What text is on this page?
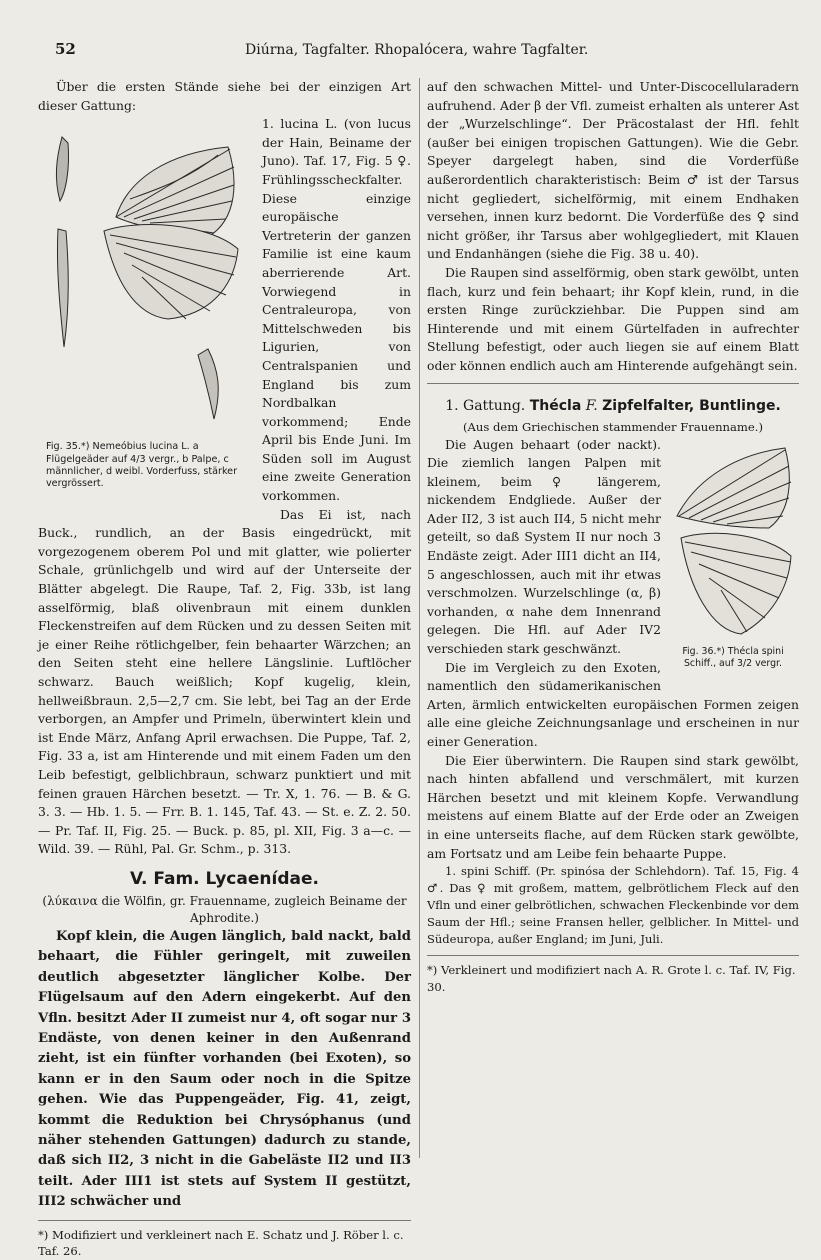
52	Diúrna, Tagfalter. Rhopalócera, wahre Tagfalter.

Über die ersten Stände siehe bei der einzigen Art dieser Gattung:

Fig. 35.*) Nemeóbius lucina L. a Flügelgeäder auf 4/3 vergr., b Palpe, c männlicher, d weibl. Vorderfuss, stärker vergrössert.

1. lucina L. (von lucus der Hain, Beiname der Juno). Taf. 17, Fig. 5 ♀. Frühlingsscheckfalter. Diese einzige europäische Vertreterin der ganzen Familie ist eine kaum aberrierende Art. Vorwiegend in Centraleuropa, von Mittelschweden bis Ligurien, von Centralspanien und England bis zum Nordbalkan vorkommend; Ende April bis Ende Juni. Im Süden soll im August eine zweite Generation vorkommen.

Das Ei ist, nach Buck., rundlich, an der Basis eingedrückt, mit vorgezogenem oberem Pol und mit glatter, wie polierter Schale, grünlichgelb und wird auf der Unterseite der Blätter abgelegt. Die Raupe, Taf. 2, Fig. 33b, ist lang asselförmig, blaß olivenbraun mit einem dunklen Fleckenstreifen auf dem Rücken und zu dessen Seiten mit je einer Reihe rötlichgelber, fein behaarter Wärzchen; an den Seiten steht eine hellere Längslinie. Luftlöcher schwarz. Bauch weißlich; Kopf kugelig, klein, hellweißbraun. 2,5—2,7 cm. Sie lebt, bei Tag an der Erde verborgen, an Ampfer und Primeln, überwintert klein und ist Ende März, Anfang April erwachsen. Die Puppe, Taf. 2, Fig. 33 a, ist am Hinterende und mit einem Faden um den Leib befestigt, gelblichbraun, schwarz punktiert und mit feinen grauen Härchen besetzt. — Tr. X, 1. 76. — B. & G. 3. 3. — Hb. 1. 5. — Frr. B. 1. 145, Taf. 43. — St. e. Z. 2. 50. — Pr. Taf. II, Fig. 25. — Buck. p. 85, pl. XII, Fig. 3 a—c. — Wild. 39. — Rühl, Pal. Gr. Schm., p. 313.

V. Fam. Lycaenídae.
(λύκαινα die Wölfin, gr. Frauenname, zugleich Beiname der Aphrodite.)

Kopf klein, die Augen länglich, bald nackt, bald behaart, die Fühler geringelt, mit zuweilen deutlich abgesetzter länglicher Kolbe. Der Flügelsaum auf den Adern eingekerbt. Auf den Vfln. besitzt Ader II zumeist nur 4, oft sogar nur 3 Endäste, von denen keiner in den Außenrand zieht, ist ein fünfter vorhanden (bei Exoten), so kann er in den Saum oder noch in die Spitze gehen. Wie das Puppengeäder, Fig. 41, zeigt, kommt die Reduktion bei Chrysóphanus (und näher stehenden Gattungen) dadurch zu stande, daß sich II2, 3 nicht in die Gabeläste II2 und II3 teilt. Ader III1 ist stets auf System II gestützt, III2 schwächer und

*) Modifiziert und verkleinert nach E. Schatz und J. Röber l. c. Taf. 26.

auf den schwachen Mittel- und Unter-Discocellularadern aufruhend. Ader β der Vfl. zumeist erhalten als unterer Ast der „Wurzelschlinge“. Der Präcostalast der Hfl. fehlt (außer bei einigen tropischen Gattungen). Wie die Gebr. Speyer dargelegt haben, sind die Vorderfüße außerordentlich charakteristisch: Beim ♂ ist der Tarsus nicht gegliedert, sichelförmig, mit einem Endhaken versehen, innen kurz bedornt. Die Vorderfüße des ♀ sind nicht größer, ihr Tarsus aber wohlgegliedert, mit Klauen und Endanhängen (siehe die Fig. 38 u. 40).

Die Raupen sind asselförmig, oben stark gewölbt, unten flach, kurz und fein behaart; ihr Kopf klein, rund, in die ersten Ringe zurückziehbar. Die Puppen sind am Hinterende und mit einem Gürtelfaden in aufrechter Stellung befestigt, oder auch liegen sie auf einem Blatt oder können endlich auch am Hinterende aufgehängt sein.

1. Gattung. Thécla F. Zipfelfalter, Buntlinge.
(Aus dem Griechischen stammender Frauenname.)
Fig. 36.*) Thécla spini Schiff., auf 3/2 vergr.

Die Augen behaart (oder nackt). Die ziemlich langen Palpen mit kleinem, beim ♀ längerem, nickendem Endgliede. Außer der Ader II2, 3 ist auch II4, 5 nicht mehr geteilt, so daß System II nur noch 3 Endäste zeigt. Ader III1 dicht an II4, 5 angeschlossen, auch mit ihr etwas verschmolzen. Wurzelschlinge (α, β) vorhanden, α nahe dem Innenrand gelegen. Die Hfl. auf Ader IV2 verschieden stark geschwänzt.

Die im Vergleich zu den Exoten, namentlich den südamerikanischen Arten, ärmlich entwickelten europäischen Formen zeigen alle eine gleiche Zeichnungsanlage und erscheinen in nur einer Generation.

Die Eier überwintern. Die Raupen sind stark gewölbt, nach hinten abfallend und verschmälert, mit kurzen Härchen besetzt und mit kleinem Kopfe. Verwandlung meistens auf einem Blatte auf der Erde oder an Zweigen in eine unterseits flache, auf dem Rücken stark gewölbte, am Fortsatz und am Leibe fein behaarte Puppe.

1. spini Schiff. (Pr. spinósa der Schlehdorn). Taf. 15, Fig. 4 ♂. Das ♀ mit großem, mattem, gelbrötlichem Fleck auf den Vfln und einer gelbrötlichen, schwachen Fleckenbinde vor dem Saum der Hfl.; seine Fransen heller, gelblicher. In Mittel- und Südeuropa, außer England; im Juni, Juli.

*) Verkleinert und modifiziert nach A. R. Grote l. c. Taf. IV, Fig. 30.
